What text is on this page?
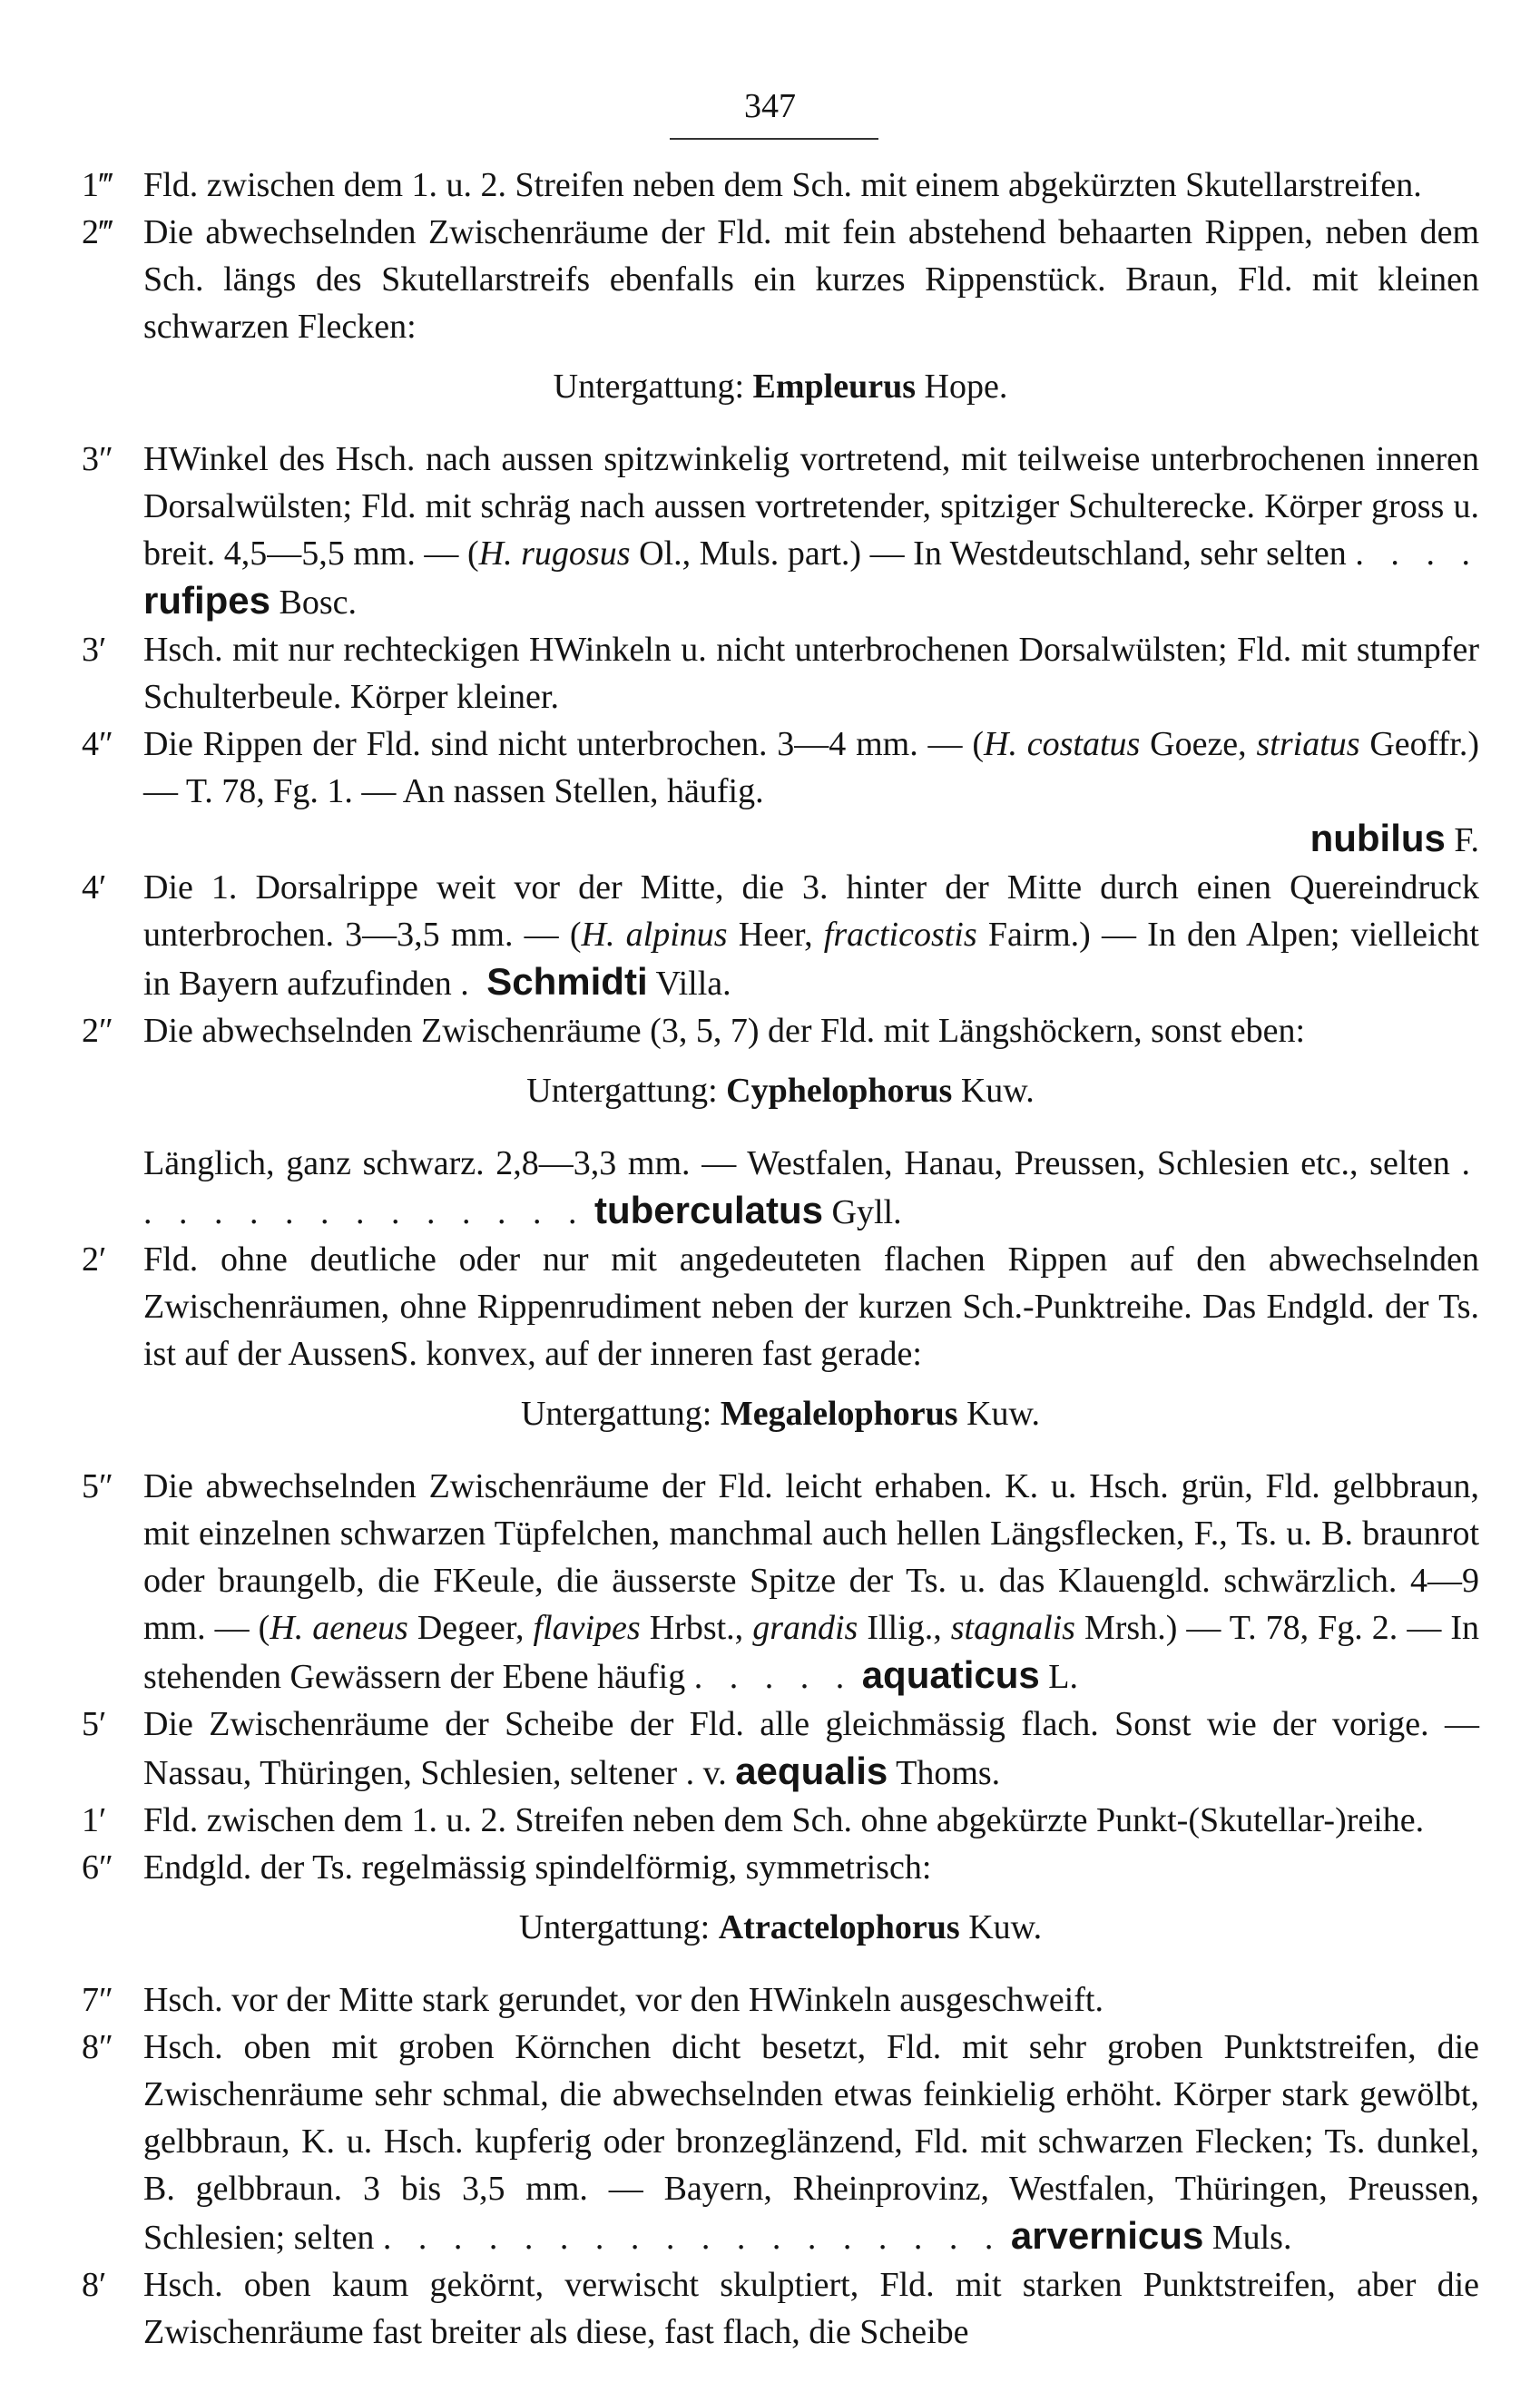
347
1‴ Fld. zwischen dem 1. u. 2. Streifen neben dem Sch. mit einem abgekürzten Skutellarstreifen.
2‴ Die abwechselnden Zwischenräume der Fld. mit fein abstehend behaarten Rippen, neben dem Sch. längs des Skutellarstreifs ebenfalls ein kurzes Rippenstück. Braun, Fld. mit kleinen schwarzen Flecken:
Untergattung: Empleurus Hope.
3″ HWinkel des Hsch. nach aussen spitzwinkelig vortretend, mit teilweise unterbrochenen inneren Dorsalwülsten; Fld. mit schräg nach aussen vortretender, spitziger Schulterecke. Körper gross u. breit. 4,5—5,5 mm. — (H. rugosus Ol., Muls. part.) — In Westdeutschland, sehr selten . . . . rufipes Bosc.
3′ Hsch. mit nur rechteckigen HWinkeln u. nicht unterbrochenen Dorsalwülsten; Fld. mit stumpfer Schulterbeule. Körper kleiner.
4″ Die Rippen der Fld. sind nicht unterbrochen. 3—4 mm. — (H. costatus Goeze, striatus Geoffr.) — T. 78, Fg. 1. — An nassen Stellen, häufig.
nubilus F.
4′ Die 1. Dorsalrippe weit vor der Mitte, die 3. hinter der Mitte durch einen Quereindruck unterbrochen. 3—3,5 mm. — (H. alpinus Heer, fracticostis Fairm.) — In den Alpen; vielleicht in Bayern aufzufinden . Schmidti Villa.
2″ Die abwechselnden Zwischenräume (3, 5, 7) der Fld. mit Längshöckern, sonst eben:
Untergattung: Cyphelophorus Kuw.
Länglich, ganz schwarz. 2,8—3,3 mm. — Westfalen, Hanau, Preussen, Schlesien etc., selten . . . . . . . . . . . . . . tuberculatus Gyll.
2′ Fld. ohne deutliche oder nur mit angedeuteten flachen Rippen auf den abwechselnden Zwischenräumen, ohne Rippenrudiment neben der kurzen Sch.-Punktreihe. Das Endgld. der Ts. ist auf der AussenS. konvex, auf der inneren fast gerade:
Untergattung: Megalelophorus Kuw.
5″ Die abwechselnden Zwischenräume der Fld. leicht erhaben. K. u. Hsch. grün, Fld. gelbbraun, mit einzelnen schwarzen Tüpfelchen, manchmal auch hellen Längsflecken, F., Ts. u. B. braunrot oder braungelb, die FKeule, die äusserste Spitze der Ts. u. das Klauengld. schwärzlich. 4—9 mm. — (H. aeneus Degeer, flavipes Hrbst., grandis Illig., stagnalis Mrsh.) — T. 78, Fg. 2. — In stehenden Gewässern der Ebene häufig . . . . . aquaticus L.
5′ Die Zwischenräume der Scheibe der Fld. alle gleichmässig flach. Sonst wie der vorige. — Nassau, Thüringen, Schlesien, seltener . v. aequalis Thoms.
1′ Fld. zwischen dem 1. u. 2. Streifen neben dem Sch. ohne abgekürzte Punkt-(Skutellar-)reihe.
6″ Endgld. der Ts. regelmässig spindelförmig, symmetrisch:
Untergattung: Atractelophorus Kuw.
7″ Hsch. vor der Mitte stark gerundet, vor den HWinkeln ausgeschweift.
8″ Hsch. oben mit groben Körnchen dicht besetzt, Fld. mit sehr groben Punktstreifen, die Zwischenräume sehr schmal, die abwechselnden etwas feinkielig erhöht. Körper stark gewölbt, gelbbraun, K. u. Hsch. kupferig oder bronzeglänzend, Fld. mit schwarzen Flecken; Ts. dunkel, B. gelbbraun. 3 bis 3,5 mm. — Bayern, Rheinprovinz, Westfalen, Thüringen, Preussen, Schlesien; selten . . . . . . . . . . . . . . . . . . arvernicus Muls.
8′ Hsch. oben kaum gekörnt, verwischt skulptiert, Fld. mit starken Punktstreifen, aber die Zwischenräume fast breiter als diese, fast flach, die Scheibe
